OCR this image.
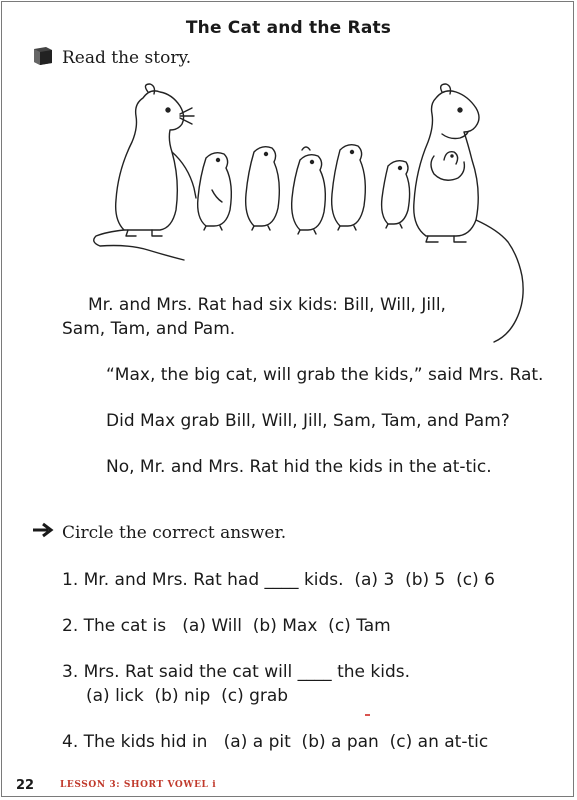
The Cat and the Rats
Read the story.
Mr. and Mrs. Rat had six kids: Bill, Will, Jill,
Sam, Tam, and Pam.
“Max, the big cat, will grab the kids,” said Mrs. Rat.
Did Max grab Bill, Will, Jill, Sam, Tam, and Pam?
No, Mr. and Mrs. Rat hid the kids in the at-tic.
Circle the correct answer.
1. Mr. and Mrs. Rat had ____ kids.  (a) 3  (b) 5  (c) 6
2. The cat is   (a) Will  (b) Max  (c) Tam
3. Mrs. Rat said the cat will ____ the kids.
(a) lick  (b) nip  (c) grab
4. The kids hid in   (a) a pit  (b) a pan  (c) an at-tic
22	LESSON 3: SHORT VOWEL i
